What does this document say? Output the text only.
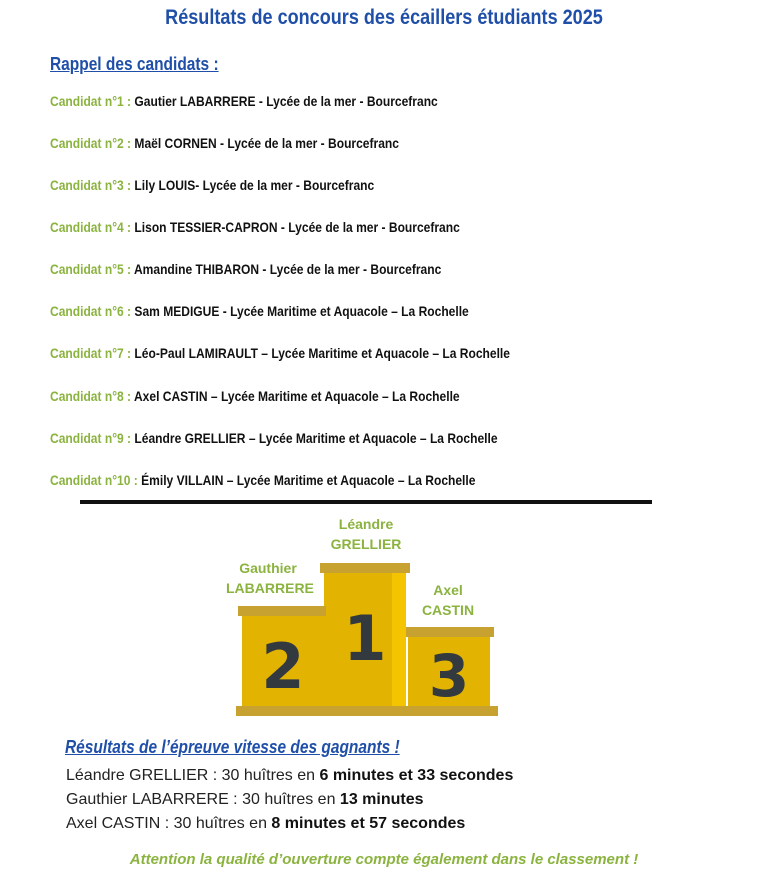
Résultats de concours des écaillers étudiants 2025
Rappel des candidats :
Candidat n°1 : Gautier LABARRERE - Lycée de la mer - Bourcefranc
Candidat n°2 : Maël CORNEN - Lycée de la mer - Bourcefranc
Candidat n°3 : Lily LOUIS- Lycée de la mer - Bourcefranc
Candidat n°4 : Lison TESSIER-CAPRON - Lycée de la mer - Bourcefranc
Candidat n°5 : Amandine THIBARON - Lycée de la mer - Bourcefranc
Candidat n°6 : Sam MEDIGUE - Lycée Maritime et Aquacole – La Rochelle
Candidat n°7 : Léo-Paul LAMIRAULT – Lycée Maritime et Aquacole – La Rochelle
Candidat n°8 : Axel CASTIN – Lycée Maritime et Aquacole – La Rochelle
Candidat n°9 : Léandre GRELLIER – Lycée Maritime et Aquacole – La Rochelle
Candidat n°10 : Émily VILLAIN – Lycée Maritime et Aquacole – La Rochelle
Léandre
GRELLIER
Gauthier
LABARRERE	Axel
CASTIN
1
2 3
Résultats de l’épreuve vitesse des gagnants !
Léandre GRELLIER : 30 huîtres en 6 minutes et 33 secondes
Gauthier LABARRERE : 30 huîtres en 13 minutes
Axel CASTIN : 30 huîtres en 8 minutes et 57 secondes
Attention la qualité d’ouverture compte également dans le classement !
